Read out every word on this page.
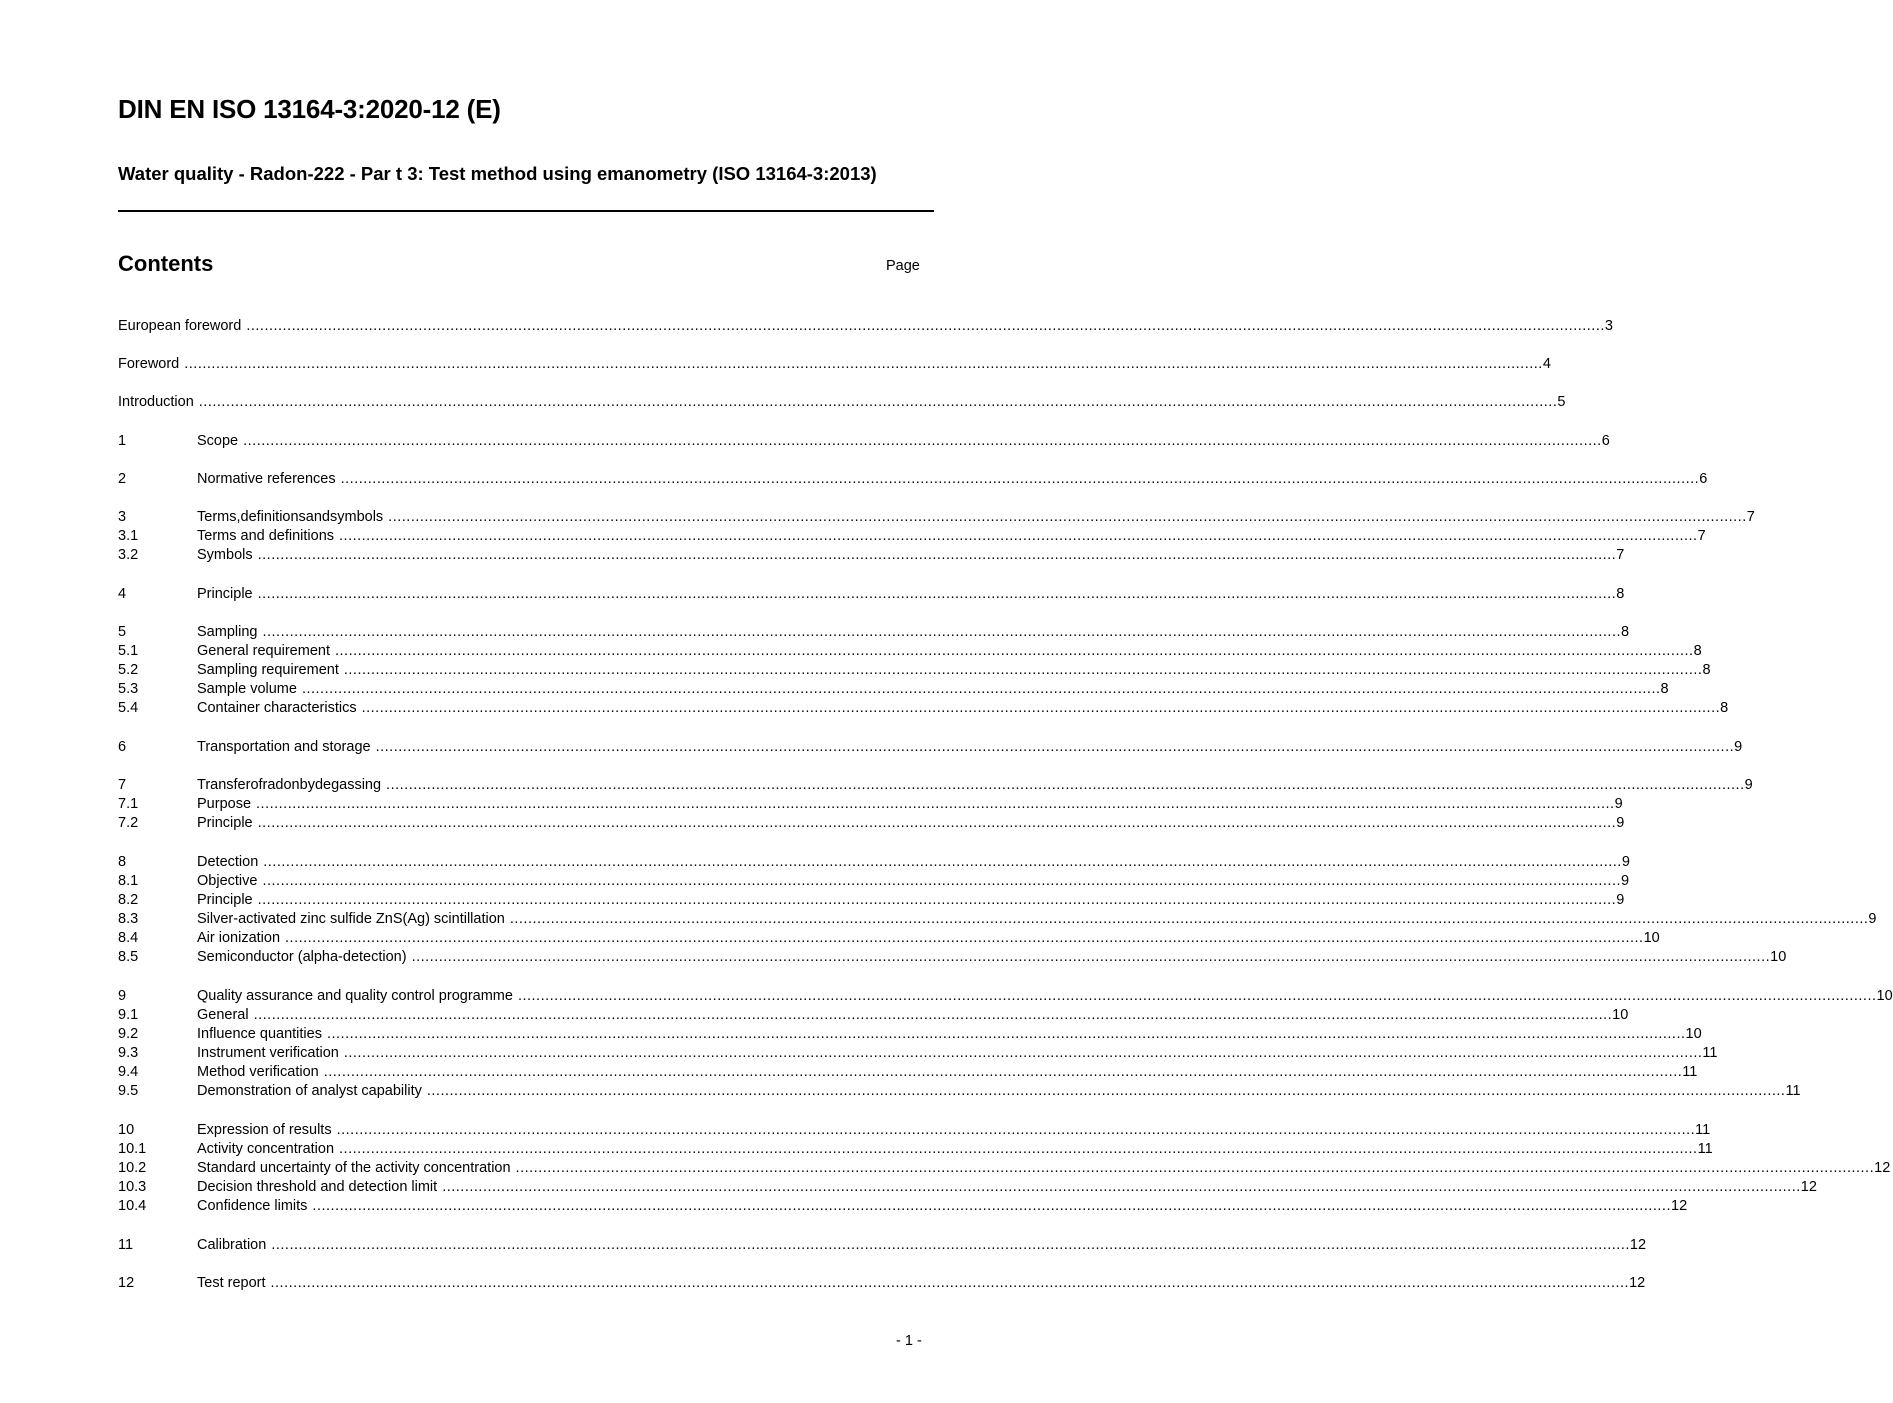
DIN EN ISO 13164-3:2020-12 (E)
Water quality - Radon-222 - Par t 3: Test method using emanometry (ISO 13164-3:2013)
Contents	Page
European foreword ............................................................................................................................................................................................................................................................................................................ 3
Foreword ............................................................................................................................................................................................................................................................................................................ 4
Introduction ............................................................................................................................................................................................................................................................................................................ 5
1	Scope ............................................................................................................................................................................................................................................................................................................ 6
2	Normative references ............................................................................................................................................................................................................................................................................................................ 6
3	Terms,definitionsandsymbols ............................................................................................................................................................................................................................................................................................................ 7
3.1	Terms and definitions ............................................................................................................................................................................................................................................................................................................ 7
3.2	Symbols ............................................................................................................................................................................................................................................................................................................ 7
4	Principle ............................................................................................................................................................................................................................................................................................................ 8
5	Sampling ............................................................................................................................................................................................................................................................................................................ 8
5.1	General requirement ............................................................................................................................................................................................................................................................................................................ 8
5.2	Sampling requirement ............................................................................................................................................................................................................................................................................................................ 8
5.3	Sample volume ............................................................................................................................................................................................................................................................................................................ 8
5.4	Container characteristics ............................................................................................................................................................................................................................................................................................................ 8
6	Transportation and storage ............................................................................................................................................................................................................................................................................................................ 9
7	Transferofradonbydegassing ............................................................................................................................................................................................................................................................................................................ 9
7.1	Purpose ............................................................................................................................................................................................................................................................................................................ 9
7.2	Principle ............................................................................................................................................................................................................................................................................................................ 9
8	Detection ............................................................................................................................................................................................................................................................................................................ 9
8.1	Objective ............................................................................................................................................................................................................................................................................................................ 9
8.2	Principle ............................................................................................................................................................................................................................................................................................................ 9
8.3	Silver-activated zinc sulfide ZnS(Ag) scintillation ............................................................................................................................................................................................................................................................................................................ 9
8.4	Air ionization ............................................................................................................................................................................................................................................................................................................ 10
8.5	Semiconductor (alpha-detection) ............................................................................................................................................................................................................................................................................................................ 10
9	Quality assurance and quality control programme ............................................................................................................................................................................................................................................................................................................ 10
9.1	General ............................................................................................................................................................................................................................................................................................................ 10
9.2	Influence quantities ............................................................................................................................................................................................................................................................................................................ 10
9.3	Instrument verification ............................................................................................................................................................................................................................................................................................................ 11
9.4	Method verification ............................................................................................................................................................................................................................................................................................................ 11
9.5	Demonstration of analyst capability ............................................................................................................................................................................................................................................................................................................ 11
10	Expression of results ............................................................................................................................................................................................................................................................................................................ 11
10.1	Activity concentration ............................................................................................................................................................................................................................................................................................................ 11
10.2	Standard uncertainty of the activity concentration ............................................................................................................................................................................................................................................................................................................ 12
10.3	Decision threshold and detection limit ............................................................................................................................................................................................................................................................................................................ 12
10.4	Confidence limits ............................................................................................................................................................................................................................................................................................................ 12
11	Calibration ............................................................................................................................................................................................................................................................................................................ 12
12	Test report ............................................................................................................................................................................................................................................................................................................ 12
- 1 -
